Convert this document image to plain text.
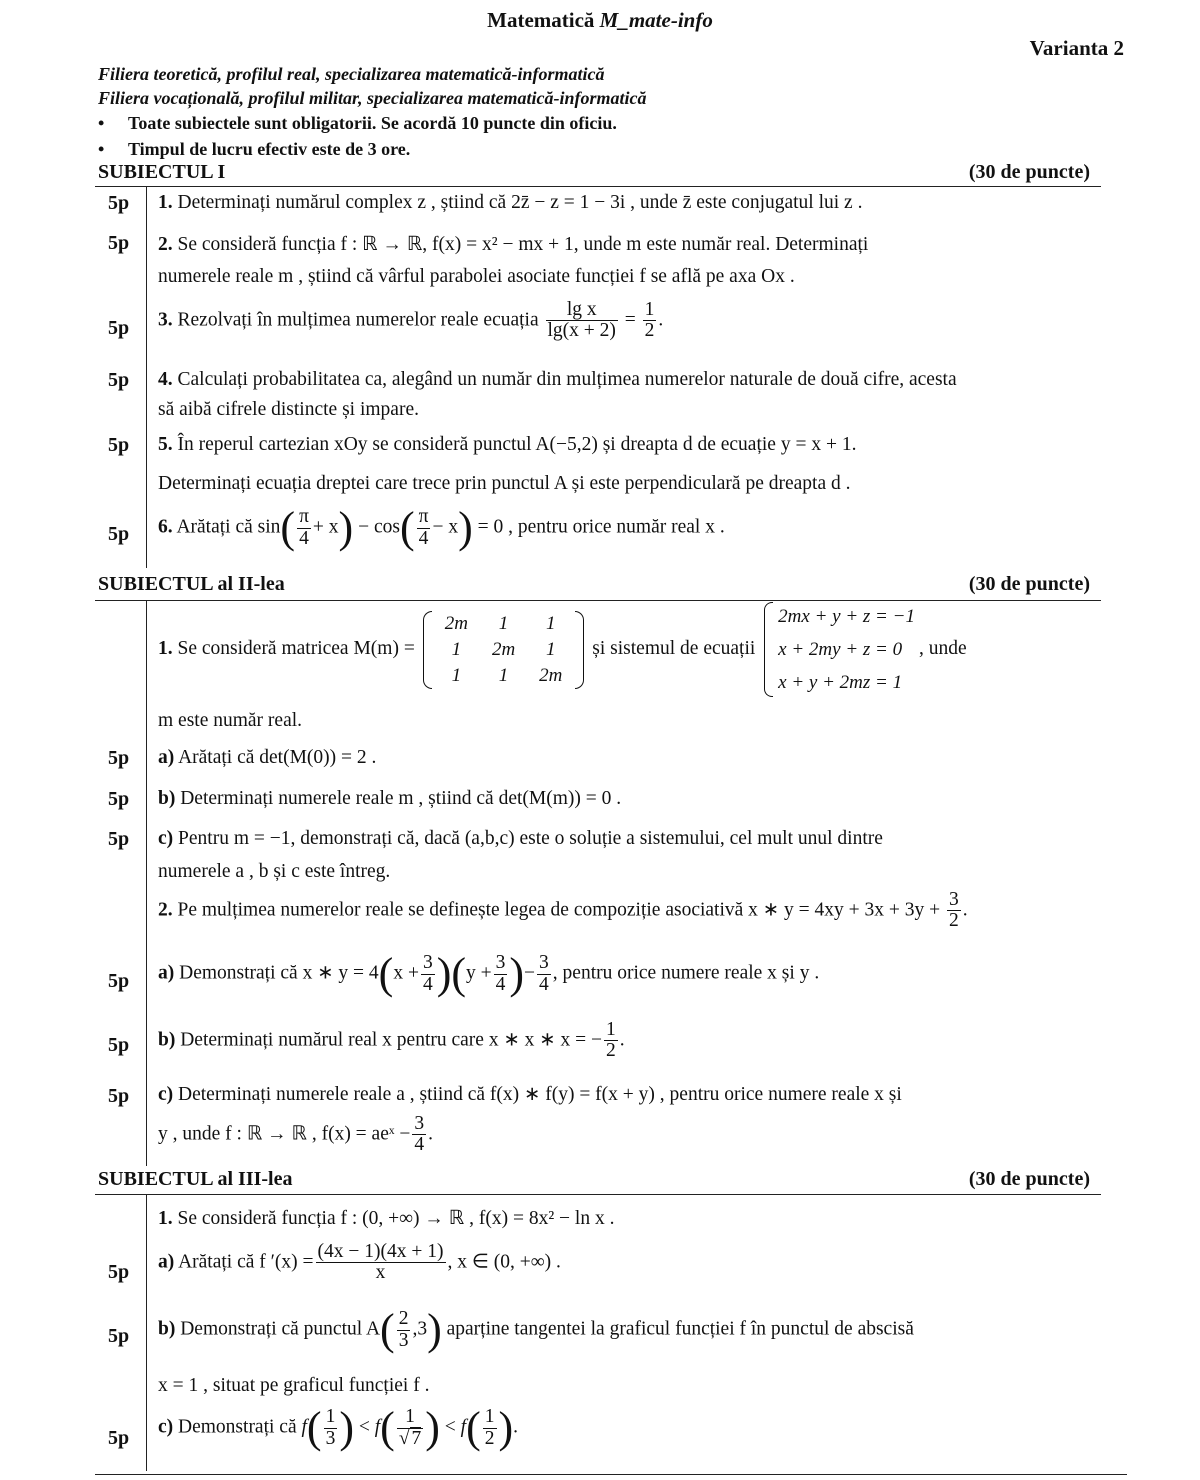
Matematică M_mate-info
Varianta 2
Filiera teoretică, profilul real, specializarea matematică-informatică
Filiera vocațională, profilul militar, specializarea matematică-informatică
• Toate subiectele sunt obligatorii. Se acordă 10 puncte din oficiu.
• Timpul de lucru efectiv este de 3 ore.
SUBIECTUL I	(30 de puncte)
5p 1. Determinați numărul complex z , știind că 2z̄ − z = 1 − 3i , unde z̄ este conjugatul lui z .
5p 2. Se consideră funcția f : ℝ → ℝ, f(x) = x² − mx + 1, unde m este număr real. Determinați
numerele reale m , știind că vârful parabolei asociate funcției f se află pe axa Ox .
5p 3. Rezolvați în mulțimea numerelor reale ecuația $\frac{\text{lg x}}{\lg(x + 2)} = \frac{1}{2}$ .
5p 4. Calculați probabilitatea ca, alegând un număr din mulțimea numerelor naturale de două cifre, acesta
să aibă cifrele distincte și impare.
5p 5. În reperul cartezian xOy se consideră punctul A(−5,2) și dreapta d de ecuație y = x + 1.
Determinați ecuația dreptei care trece prin punctul A și este perpendiculară pe dreapta d .
5p 6. Arătați că $\sin( \frac{\pi}{4} + x) - \cos( \frac{\pi}{4} - x) = 0$ , pentru orice număr real x .
SUBIECTUL al II-lea	(30 de puncte)
1. Se consideră matricea M(m) =
2m	1	1
1	2m	1
1	1	2m
și sistemul de ecuații
2mx + y + z = −1
x + 2my + z = 0
x + y + 2mz = 1
, unde
m este număr real.
5p a) Arătați că det(M(0)) = 2 .
5p b) Determinați numerele reale m , știind că det(M(m)) = 0 .
5p c) Pentru m = −1, demonstrați că, dacă (a,b,c) este o soluție a sistemului, cel mult unul dintre
numerele a , b și c este întreg.
2. Pe mulțimea numerelor reale se definește legea de compoziție asociativă x ∗ $y = 4xy + 3x + 3y + \frac{3}{2}$ .
5p a) Demonstrați că x ∗ $y = 4(x + \frac{3}{4} )(y + \frac{3}{4}$ )− $\frac{3}{4}$ , pentru orice numere reale x și y .
5p b) Determinați numărul real x pentru care x ∗ x ∗ x = − $\frac{1}{2}$ .
5p c) Determinați numerele reale a , știind că f(x) ∗ f(y) = f(x + y) , pentru orice numere reale x și
y , unde f : ℝ → ℝ , f(x) = aeˣ − $\frac{3}{4}$ .
SUBIECTUL al III-lea	(30 de puncte)
1. Se consideră funcția f : (0, +∞) → ℝ , f(x) = 8x² − ln x .
5p a) Arătați că f $'(x) = \frac{(4x - 1)(4x + 1)}{x}$ , x ∈ (0, +∞) .
5p b) Demonstrați că punctul $A( \frac{2}{3} ,3)$ aparține tangentei la graficul funcției f în punctul de abscisă
x = 1 , situat pe graficul funcției f .
5p
c) Demonstrați că $f( \frac{1}{3}$ ) < $f( \frac{1}{√ 7}$ ) < $f( \frac{1}{2}$ ).
